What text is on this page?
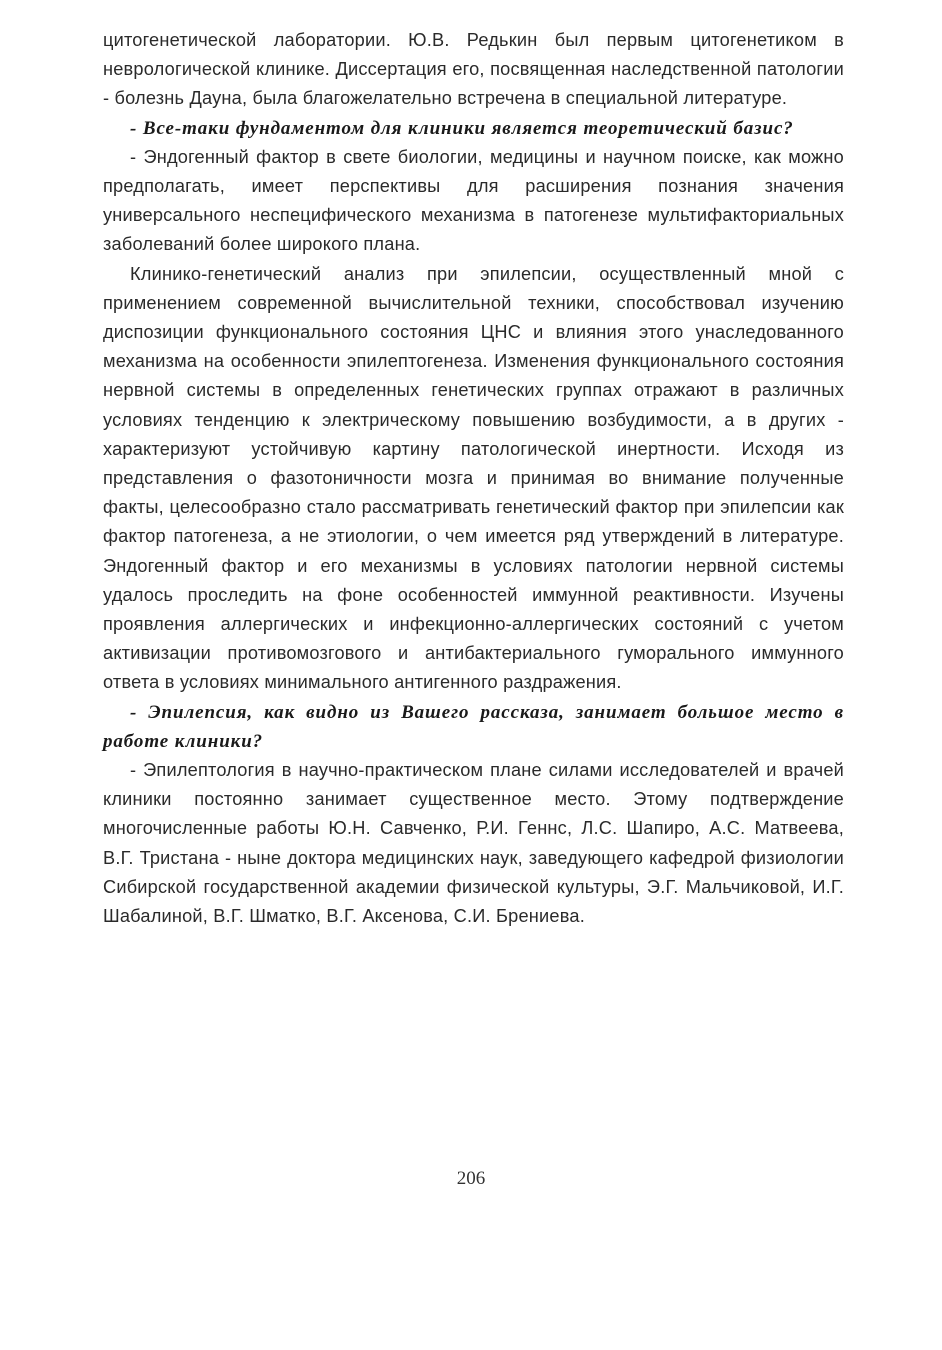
цитогенетической лаборатории. Ю.В. Редькин был первым цитогенетиком в неврологической клинике. Диссертация его, посвященная наследственной патологии - болезнь Дауна, была благожелательно встречена в специальной литературе.

- Все-таки фундаментом для клиники является теоретический базис?

- Эндогенный фактор в свете биологии, медицины и научном поиске, как можно предполагать, имеет перспективы для расширения познания значения универсального неспецифического механизма в патогенезе мультифакториальных заболеваний более широкого плана.

Клинико-генетический анализ при эпилепсии, осуществленный мной с применением современной вычислительной техники, способствовал изучению диспозиции функционального состояния ЦНС и влияния этого унаследованного механизма на особенности эпилептогенеза. Изменения функционального состояния нервной системы в определенных генетических группах отражают в различных условиях тенденцию к электрическому повышению возбудимости, а в других - характеризуют устойчивую картину патологической инертности. Исходя из представления о фазотоничности мозга и принимая во внимание полученные факты, целесообразно стало рассматривать генетический фактор при эпилепсии как фактор патогенеза, а не этиологии, о чем имеется ряд утверждений в литературе. Эндогенный фактор и его механизмы в условиях патологии нервной системы удалось проследить на фоне особенностей иммунной реактивности. Изучены проявления аллергических и инфекционно-аллергических состояний с учетом активизации противомозгового и антибактериального гуморального иммунного ответа в условиях минимального антигенного раздражения.

- Эпилепсия, как видно из Вашего рассказа, занимает большое место в работе клиники?

- Эпилептология в научно-практическом плане силами исследователей и врачей клиники постоянно занимает существенное место. Этому подтверждение многочисленные работы Ю.Н. Савченко, Р.И. Геннс, Л.С. Шапиро, А.С. Матвеева, В.Г. Тристана - ныне доктора медицинских наук, заведующего кафедрой физиологии Сибирской государственной академии физической культуры, Э.Г. Мальчиковой, И.Г. Шабалиной, В.Г. Шматко, В.Г. Аксенова, С.И. Брениева.

206
